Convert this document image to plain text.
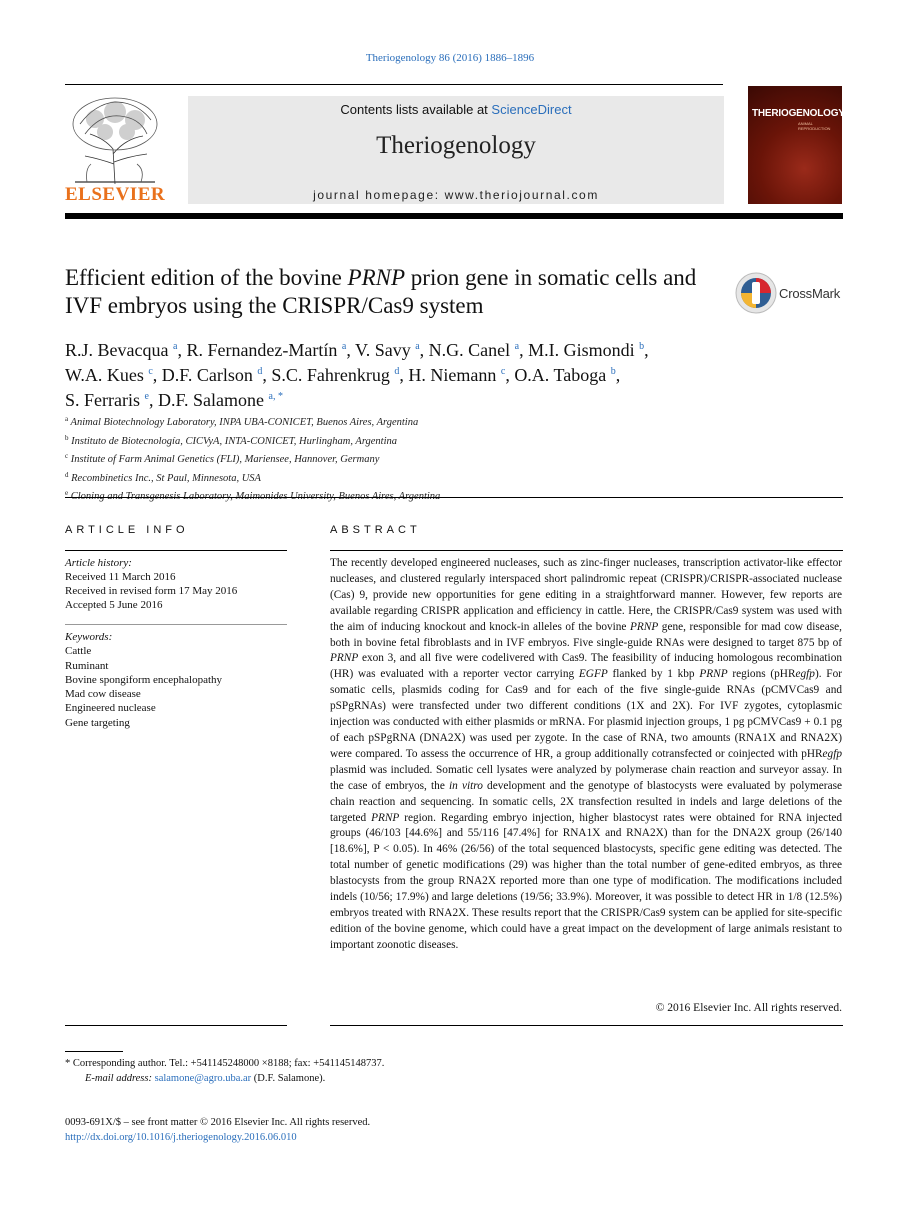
Theriogenology 86 (2016) 1886–1896
ELSEVIER
Contents lists available at ScienceDirect
Theriogenology
journal homepage: www.theriojournal.com
THERIOGENOLOGY
ANIMAL REPRODUCTION
Efficient edition of the bovine PRNP prion gene in somatic cells and IVF embryos using the CRISPR/Cas9 system	CrossMark
R.J. Bevacqua $^a$, R. Fernandez-Martín $^a$, V. Savy $^a$, N.G. Canel $^a$, M.I. Gismondi $^b$,
W.A. Kues $^c$, D.F. Carlson $^d$, S.C. Fahrenkrug $^d$, H. Niemann $^c$, O.A. Taboga $^b$,
S. Ferraris $^e$, D.F. Salamone $^{a, *}$
$^a$ Animal Biotechnology Laboratory, INPA UBA-CONICET, Buenos Aires, Argentina
$^b$ Instituto de Biotecnología, CICVyA, INTA-CONICET, Hurlingham, Argentina
$^c$ Institute of Farm Animal Genetics (FLI), Mariensee, Hannover, Germany
$^d$ Recombinetics Inc., St Paul, Minnesota, USA
$^e$
ARTICLE INFO
Article history:
Received 11 March 2016
Received in revised form 17 May 2016
Accepted 5 June 2016
Keywords:
Cattle
Ruminant
Bovine spongiform encephalopathy
Mad cow disease
Engineered nuclease
Gene targeting
ABSTRACT

The recently developed engineered nucleases, such as zinc-finger nucleases, transcription activator-like effector nucleases, and clustered regularly interspaced short palindromic repeat (CRISPR)/CRISPR-associated nuclease (Cas) 9, provide new opportunities for gene editing in a straightforward manner. However, few reports are available regarding CRISPR application and efficiency in cattle. Here, the CRISPR/Cas9 system was used with the aim of inducing knockout and knock-in alleles of the bovine PRNP gene, responsible for mad cow disease, both in bovine fetal fibroblasts and in IVF embryos. Five single-guide RNAs were designed to target 875 bp of PRNP exon 3, and all five were codelivered with Cas9. The feasibility of inducing homologous recombination (HR) was evaluated with a reporter vector carrying EGFP flanked by 1 kbp PRNP regions (pHRegfp). For somatic cells, plasmids coding for Cas9 and for each of the five single-guide RNAs (pCMVCas9 and pSPgRNAs) were transfected under two different conditions (1X and 2X). For IVF zygotes, cytoplasmic injection was conducted with either plasmids or mRNA. For plasmid injection groups, 1 pg pCMVCas9 + 0.1 pg of each pSPgRNA (DNA2X) was used per zygote. In the case of RNA, two amounts (RNA1X and RNA2X) were compared. To assess the occurrence of HR, a group additionally cotransfected or coinjected with pHRegfp plasmid was included. Somatic cell lysates were analyzed by polymerase chain reaction and surveyor assay. In the case of embryos, the in vitro development and the genotype of blastocysts were evaluated by polymerase chain reaction and sequencing. In somatic cells, 2X transfection resulted in indels and large deletions of the targeted PRNP region. Regarding embryo injection, higher blastocyst rates were obtained for RNA injected groups (46/103 [44.6%] and 55/116 [47.4%] for RNA1X and RNA2X) than for the DNA2X group (26/140 [18.6%], P < 0.05). In 46% (26/56) of the total sequenced blastocysts, specific gene editing was detected. The total number of genetic modifications (29) was higher than the total number of gene-edited embryos, as three blastocysts from the group RNA2X reported more than one type of modification. The modifications included indels (10/56; 17.9%) and large deletions (19/56; 33.9%). Moreover, it was possible to detect HR in 1/8 (12.5%) embryos treated with RNA2X. These results report that the CRISPR/Cas9 system can be applied for site-specific edition of the bovine genome, which could have a great impact on the development of large animals resistant to important zoonotic diseases.

© 2016 Elsevier Inc. All rights reserved.
* Corresponding author. Tel.: +541145248000 ×8188; fax: +541145148737.
E-mail address: salamone@agro.uba.ar (D.F. Salamone).
0093-691X/$ – see front matter © 2016 Elsevier Inc. All rights reserved.
http://dx.doi.org/10.1016/j.theriogenology.2016.06.010
